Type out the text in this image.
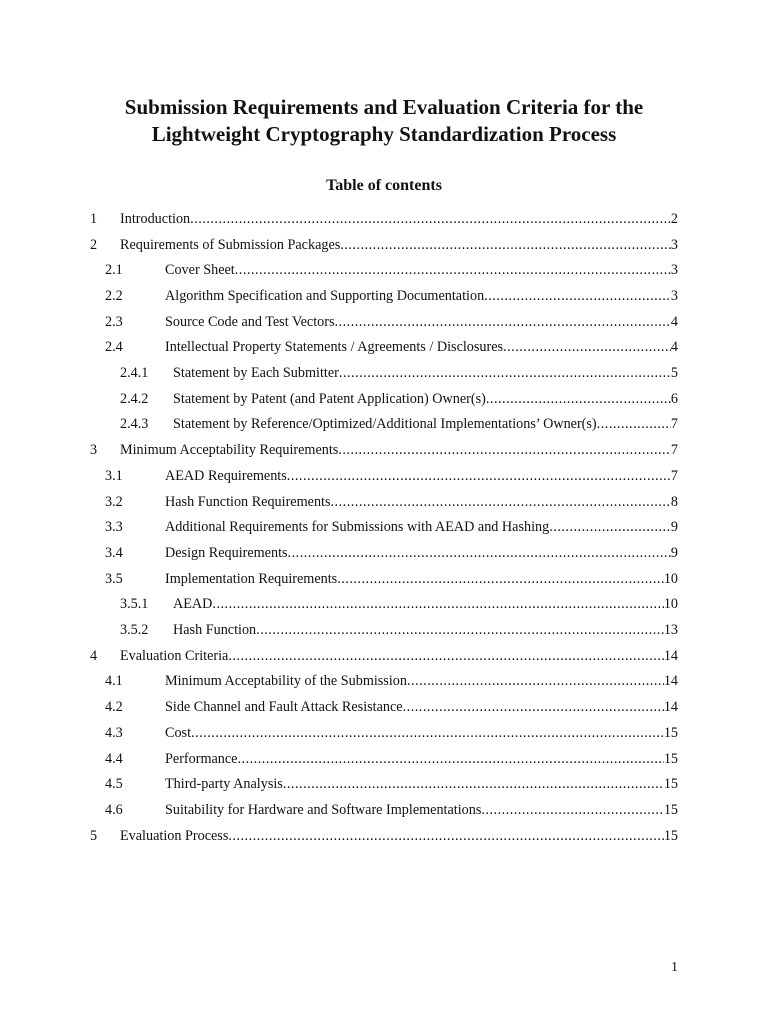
Submission Requirements and Evaluation Criteria for the
Lightweight Cryptography Standardization Process
Table of contents
1 Introduction .....	2
2 Requirements of Submission Packages .....	3
2.1	Cover Sheet .....	3
2.2	Algorithm Specification and Supporting Documentation .....	3
2.3	Source Code and Test Vectors .....	4
2.4	Intellectual Property Statements / Agreements / Disclosures .....	4
2.4.1 Statement by Each Submitter .....	5
2.4.2 Statement by Patent (and Patent Application) Owner(s) .....	6
2.4.3 Statement by Reference/Optimized/Additional Implementations’ Owner(s) .....	7
3 Minimum Acceptability Requirements .....	7
3.1	AEAD Requirements .....	7
3.2	Hash Function Requirements .....	8
3.3	Additional Requirements for Submissions with AEAD and Hashing .....	9
3.4	Design Requirements .....	9
3.5	Implementation Requirements .....	10
3.5.1 AEAD .....	10
3.5.2 Hash Function .....	13
4 Evaluation Criteria .....	14
4.1	Minimum Acceptability of the Submission .....	14
4.2	Side Channel and Fault Attack Resistance .....	14
4.3	Cost .....	15
4.4	Performance .....	15
4.5	Third-party Analysis .....	15
4.6	Suitability for Hardware and Software Implementations .....	15
5 Evaluation Process .....	15
1
